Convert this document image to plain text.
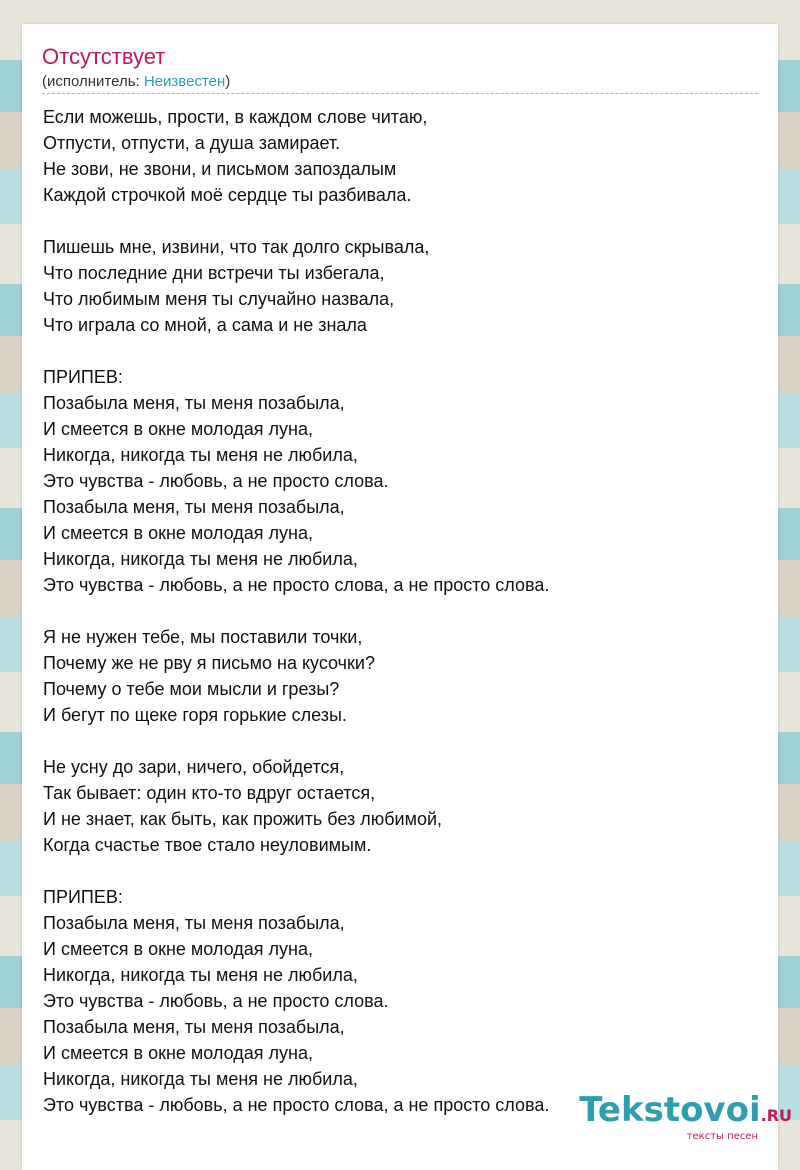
Отсутствует
(исполнитель: Неизвестен)
Если можешь, прости, в каждом слове читаю,
Отпусти, отпусти, а душа замирает.
Не зови, не звони, и письмом запоздалым
Каждой строчкой моё сердце ты разбивала.
Пишешь мне, извини, что так долго скрывала,
Что последние дни встречи ты избегала,
Что любимым меня ты случайно назвала,
Что играла со мной, а сама и не знала
ПРИПЕВ:
Позабыла меня, ты меня позабыла,
И смеется в окне молодая луна,
Никогда, никогда ты меня не любила,
Это чувства - любовь, а не просто слова.
Позабыла меня, ты меня позабыла,
И смеется в окне молодая луна,
Никогда, никогда ты меня не любила,
Это чувства - любовь, а не просто слова, а не просто слова.
Я не нужен тебе, мы поставили точки,
Почему же не рву я письмо на кусочки?
Почему о тебе мои мысли и грезы?
И бегут по щеке горя горькие слезы.
Не усну до зари, ничего, обойдется,
Так бывает: один кто-то вдруг остается,
И не знает, как быть, как прожить без любимой,
Когда счастье твое стало неуловимым.
ПРИПЕВ:
Позабыла меня, ты меня позабыла,
И смеется в окне молодая луна,
Никогда, никогда ты меня не любила,
Это чувства - любовь, а не просто слова.
Позабыла меня, ты меня позабыла,
И смеется в окне молодая луна,
Никогда, никогда ты меня не любила,
Это чувства - любовь, а не просто слова, а не просто слова. Tekstovoi.RU
тексты песен
